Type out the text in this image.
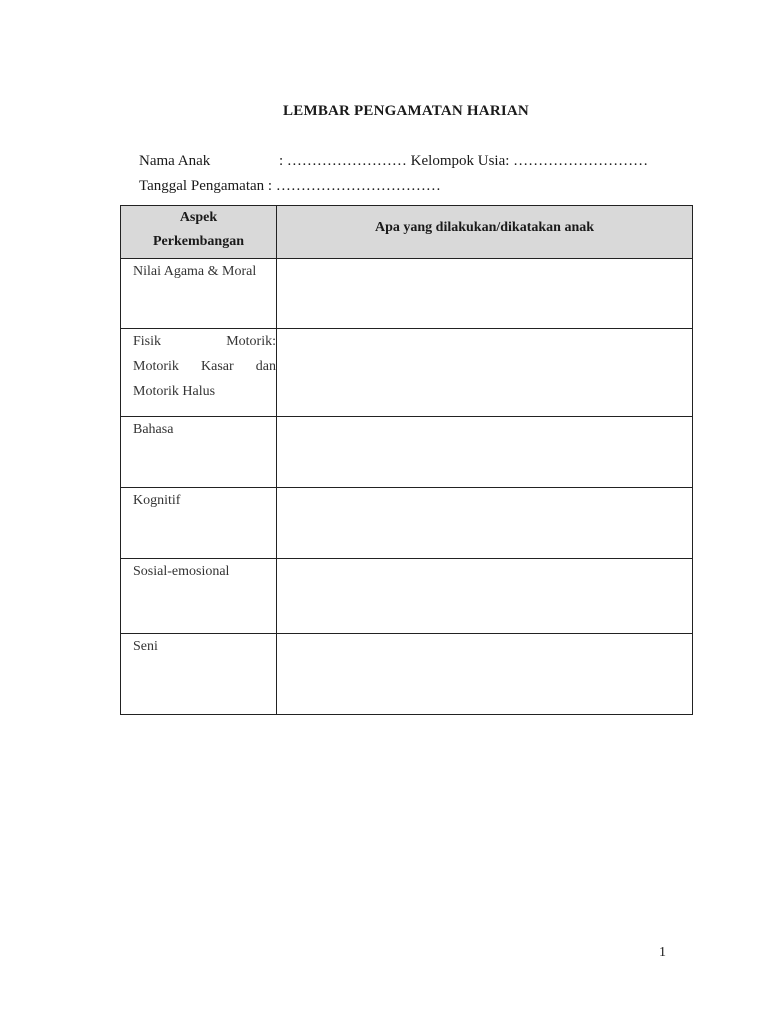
LEMBAR PENGAMATAN HARIAN
Nama Anak	: …………………… Kelompok Usia: ………………………
Tanggal Pengamatan : ……………………………
Aspek
Perkembangan	Apa yang dilakukan/dikatakan anak
Nilai Agama & Moral	

Fisik Motorik:
Motorik Kasar dan
Motorik Halus	

Bahasa	
Kognitif	
Sosial-emosional	
Seni	
1
